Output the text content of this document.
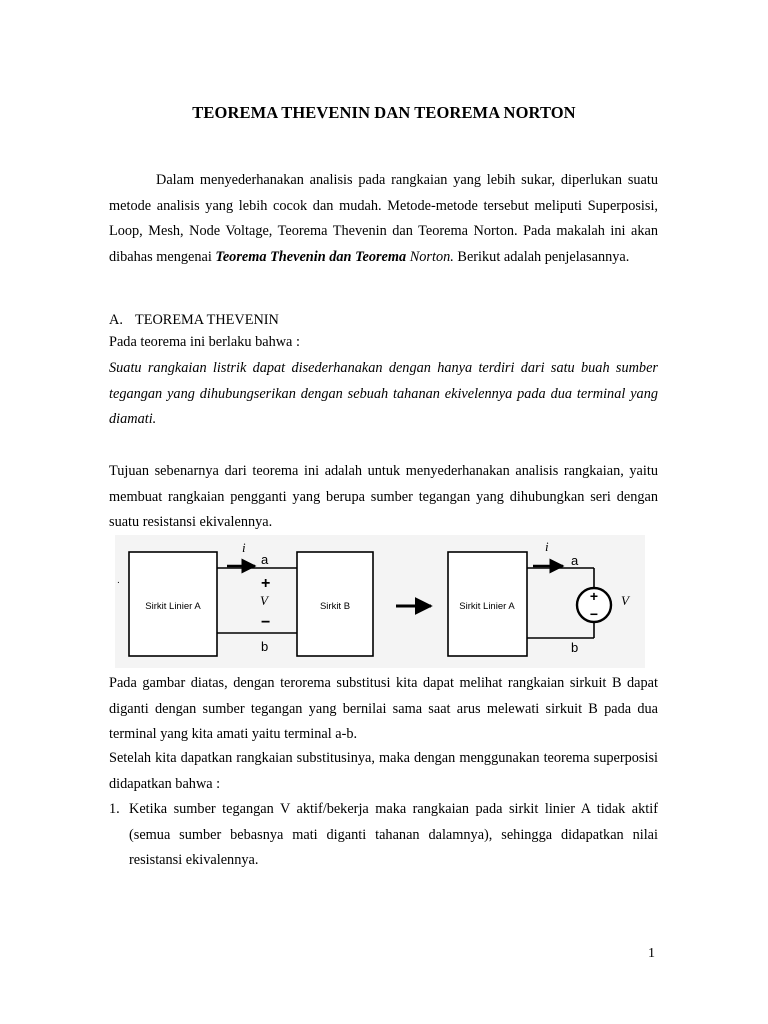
TEOREMA THEVENIN DAN TEOREMA NORTON

Dalam menyederhanakan analisis pada rangkaian yang lebih sukar, diperlukan suatu metode analisis yang lebih cocok dan mudah. Metode-metode tersebut meliputi Superposisi, Loop, Mesh, Node Voltage, Teorema Thevenin dan Teorema Norton. Pada makalah ini akan dibahas mengenai Teorema Thevenin dan Teorema Norton. Berikut adalah penjelasannya.

A. TEOREMA THEVENIN

Pada teorema ini berlaku bahwa :

Suatu rangkaian listrik dapat disederhanakan dengan hanya terdiri dari satu buah sumber tegangan yang dihubungserikan dengan sebuah tahanan ekivelennya pada dua terminal yang diamati.

Tujuan sebenarnya dari teorema ini adalah untuk menyederhanakan analisis rangkaian, yaitu membuat rangkaian pengganti yang berupa sumber tegangan yang dihubungkan seri dengan suatu resistansi ekivalennya.

.
Sirkit Linier A
i
a
+
V
−
b
Sirkit B	Sirkit Linier A
i
a
+
−
V
b

Pada gambar diatas, dengan terorema substitusi kita dapat melihat rangkaian sirkuit B dapat diganti dengan sumber tegangan yang bernilai sama saat arus melewati sirkuit B pada dua terminal yang kita amati yaitu terminal a-b.

Setelah kita dapatkan rangkaian substitusinya, maka dengan menggunakan teorema superposisi didapatkan bahwa :

1. Ketika sumber tegangan V aktif/bekerja maka rangkaian pada sirkit linier A tidak aktif (semua sumber bebasnya mati diganti tahanan dalamnya), sehingga didapatkan nilai resistansi ekivalennya.
1
